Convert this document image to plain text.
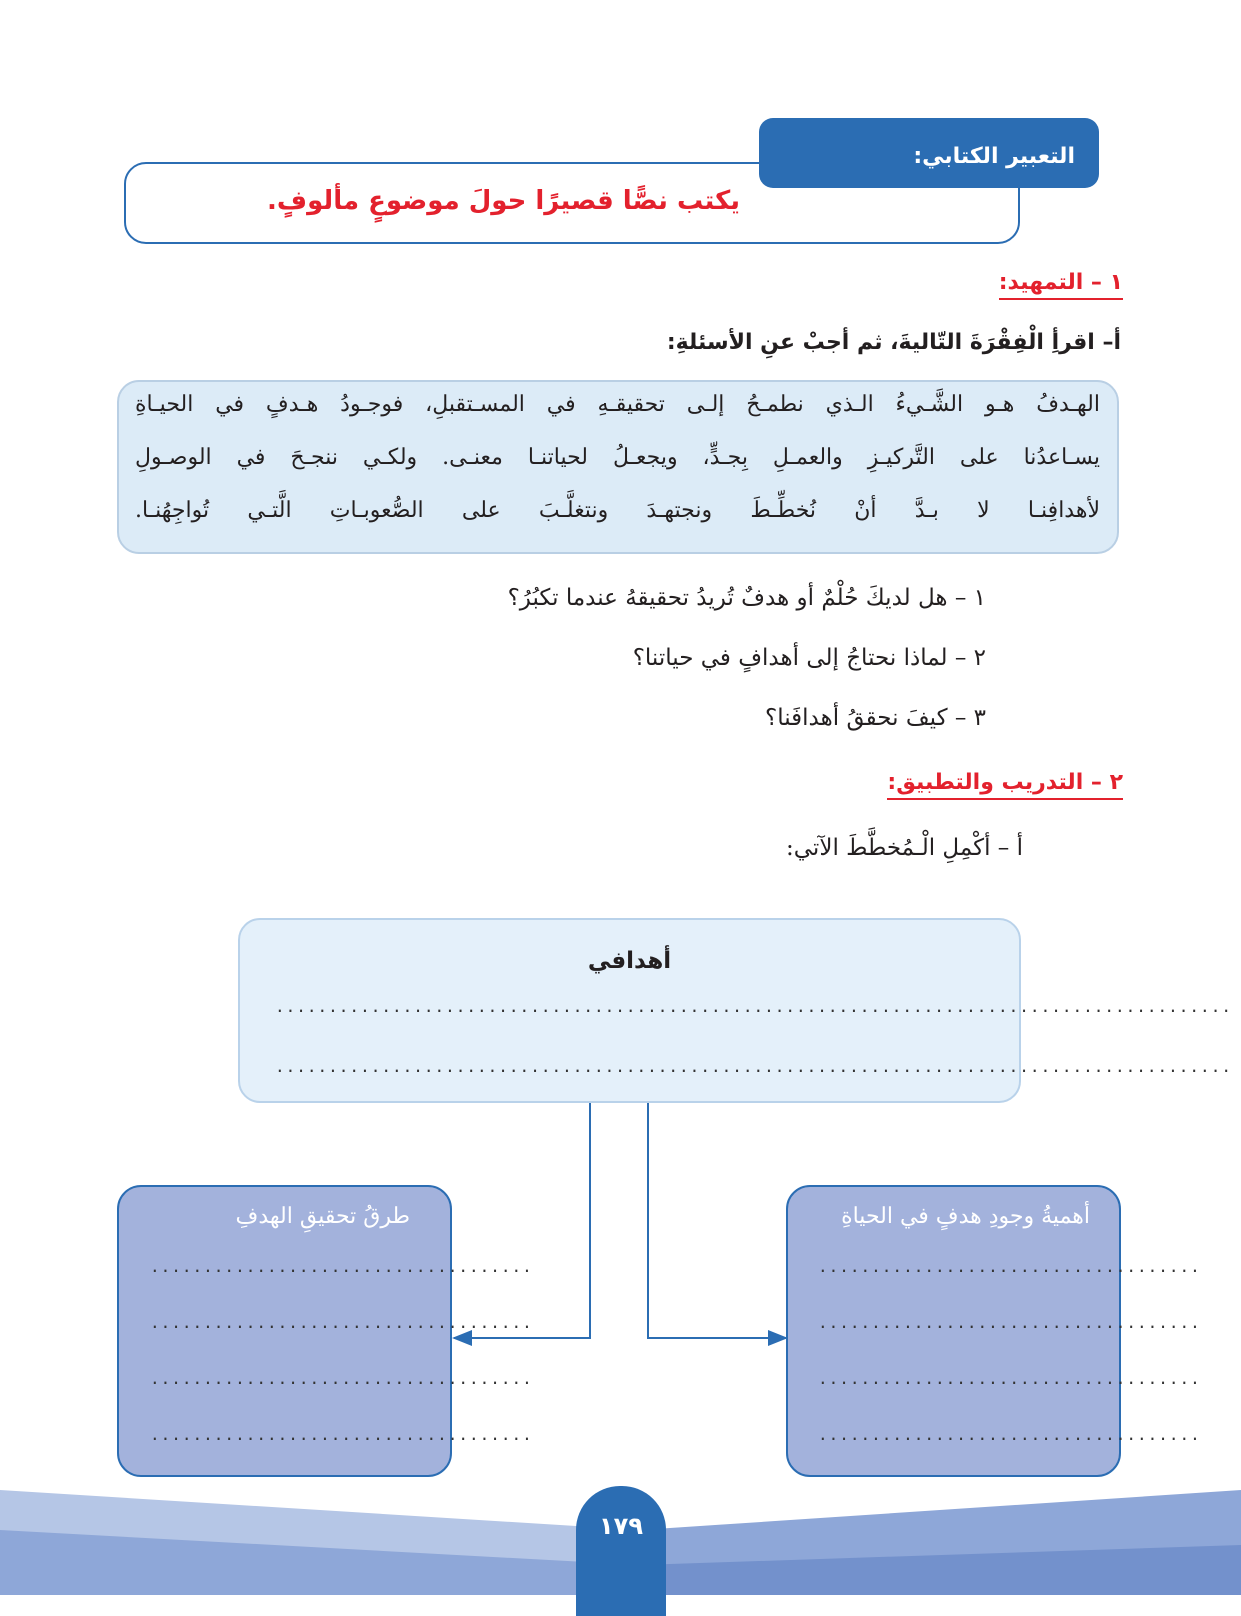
التعبير الكتابي:
يكتب نصًّا قصيرًا حولَ موضوعٍ مألوفٍ.
١ – التمهيد:
أ– اقرأِ الْفِقْرَةَ التّاليةَ، ثم أجبْ عنِ الأسئلةِ:
الهـدفُ هـو الشَّـيءُ الـذي نطمـحُ إلـى تحقيقـهِ في المسـتقبلِ، فوجـودُ هـدفٍ في الحيـاةِ
يسـاعدُنا على التَّركيـزِ والعمـلِ بِجـدٍّ، ويجعـلُ لحياتنـا معنـى. ولكـي ننجـحَ في الوصـولِ
لأهدافِنـا لا بـدَّ أنْ نُخطِّـطَ ونجتهـدَ ونتغلَّـبَ على الصُّعوبـاتِ الَّتـي تُواجِهُنـا.
١ – هل لديكَ حُلْمٌ أو هدفٌ تُريدُ تحقيقهُ عندما تكبُرُ؟
٢ – لماذا نحتاجُ إلى أهدافٍ في حياتنا؟
٣ – كيفَ نحققُ أهدافَنا؟
٢ – التدريب والتطبيق:
أ – أكْمِلِ الْـمُخطَّطَ الآتي:
أهدافي
..........................................................................................
..........................................................................................
طرقُ تحقيقِ الهدفِ
....................................
....................................
....................................
....................................
أهميةُ وجودِ هدفٍ في الحياةِ
....................................
....................................
....................................
....................................
١٧٩
